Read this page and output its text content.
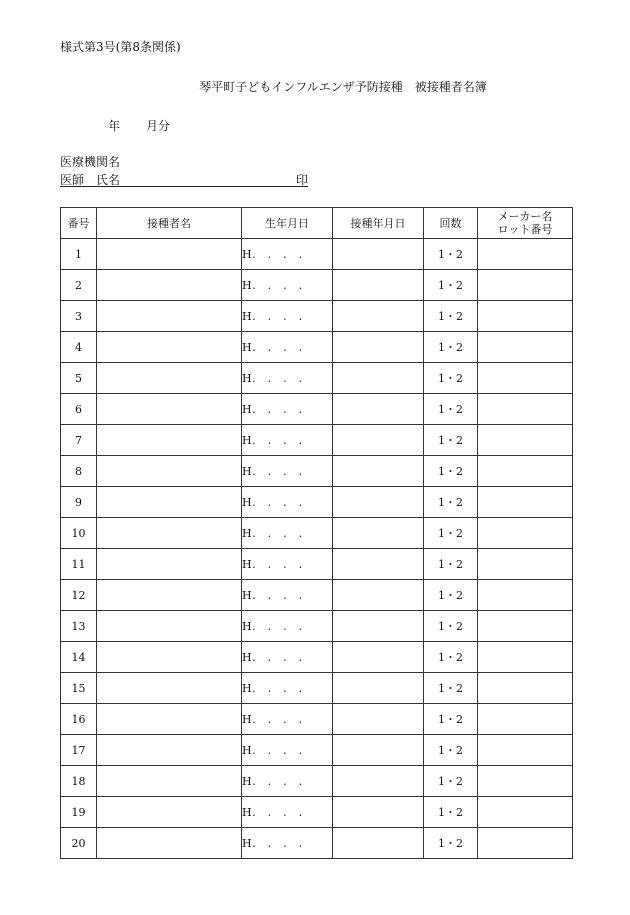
様式第3号(第8条関係)
琴平町子どもインフルエンザ予防接種 被接種者名簿
年 月分
医療機関名
医師 氏名	印
番号	接種者名	生年月日	接種年月日	回数	メーカー名
ロット番号

1		H.　.　.　.		1・2	
2		H.　.　.　.		1・2	
3		H.　.　.　.		1・2	
4		H.　.　.　.		1・2	
5		H.　.　.　.		1・2	
6		H.　.　.　.		1・2	
7		H.　.　.　.		1・2	
8		H.　.　.　.		1・2	
9		H.　.　.　.		1・2	
10		H.　.　.　.		1・2	
11		H.　.　.　.		1・2	
12		H.　.　.　.		1・2	
13		H.　.　.　.		1・2	
14		H.　.　.　.		1・2	
15		H.　.　.　.		1・2	
16		H.　.　.　.		1・2	
17		H.　.　.　.		1・2	
18		H.　.　.　.		1・2	
19		H.　.　.　.		1・2	
20		H.　.　.　.		1・2	
